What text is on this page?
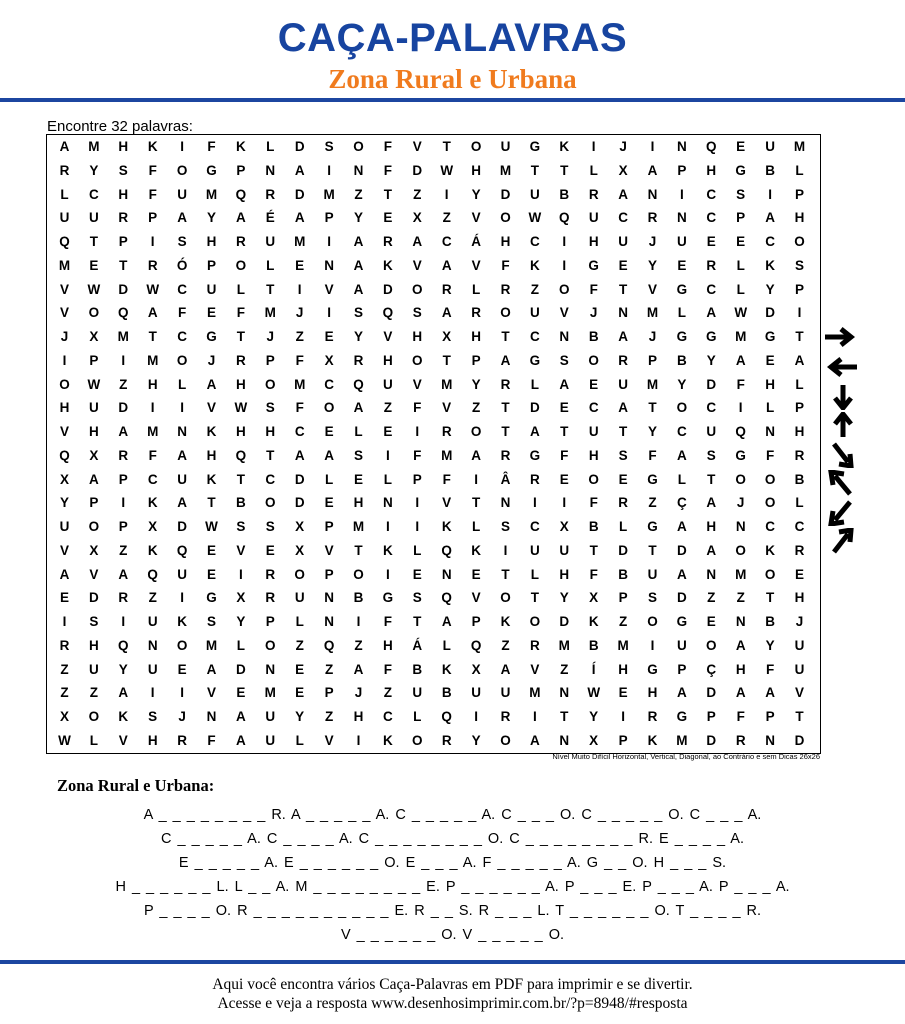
CAÇA-PALAVRAS
Zona Rural e Urbana
Encontre 32 palavras:
A	M	H	K	I	F	K	L	D	S	O	F	V	T	O	U	G	K	I	J	I	N	Q	E	U	M
R	Y	S	F	O	G	P	N	A	I	N	F	D	W	H	M	T	T	L	X	A	P	H	G	B	L
L	C	H	F	U	M	Q	R	D	M	Z	T	Z	I	Y	D	U	B	R	A	N	I	C	S	I	P
U	U	R	P	A	Y	A	É	A	P	Y	E	X	Z	V	O	W	Q	U	C	R	N	C	P	A	H
Q	T	P	I	S	H	R	U	M	I	A	R	A	C	Á	H	C	I	H	U	J	U	E	E	C	O
M	E	T	R	Ó	P	O	L	E	N	A	K	V	A	V	F	K	I	G	E	Y	E	R	L	K	S
V	W	D	W	C	U	L	T	I	V	A	D	O	R	L	R	Z	O	F	T	V	G	C	L	Y	P
V	O	Q	A	F	E	F	M	J	I	S	Q	S	A	R	O	U	V	J	N	M	L	A	W	D	I
J	X	M	T	C	G	T	J	Z	E	Y	V	H	X	H	T	C	N	B	A	J	G	G	M	G	T
I	P	I	M	O	J	R	P	F	X	R	H	O	T	P	A	G	S	O	R	P	B	Y	A	E	A
O	W	Z	H	L	A	H	O	M	C	Q	U	V	M	Y	R	L	A	E	U	M	Y	D	F	H	L
H	U	D	I	I	V	W	S	F	O	A	Z	F	V	Z	T	D	E	C	A	T	O	C	I	L	P
V	H	A	M	N	K	H	H	C	E	L	E	I	R	O	T	A	T	U	T	Y	C	U	Q	N	H
Q	X	R	F	A	H	Q	T	A	A	S	I	F	M	A	R	G	F	H	S	F	A	S	G	F	R
X	A	P	C	U	K	T	C	D	L	E	L	P	F	I	Â	R	E	O	E	G	L	T	O	O	B
Y	P	I	K	A	T	B	O	D	E	H	N	I	V	T	N	I	I	F	R	Z	Ç	A	J	O	L
U	O	P	X	D	W	S	S	X	P	M	I	I	K	L	S	C	X	B	L	G	A	H	N	C	C
V	X	Z	K	Q	E	V	E	X	V	T	K	L	Q	K	I	U	U	T	D	T	D	A	O	K	R
A	V	A	Q	U	E	I	R	O	P	O	I	E	N	E	T	L	H	F	B	U	A	N	M	O	E
E	D	R	Z	I	G	X	R	U	N	B	G	S	Q	V	O	T	Y	X	P	S	D	Z	Z	T	H
I	S	I	U	K	S	Y	P	L	N	I	F	T	A	P	K	O	D	K	Z	O	G	E	N	B	J
R	H	Q	N	O	M	L	O	Z	Q	Z	H	Á	L	Q	Z	R	M	B	M	I	U	O	A	Y	U
Z	U	Y	U	E	A	D	N	E	Z	A	F	B	K	X	A	V	Z	Í	H	G	P	Ç	H	F	U
Z	Z	A	I	I	V	E	M	E	P	J	Z	U	B	U	U	M	N	W	E	H	A	D	A	A	V
X	O	K	S	J	N	A	U	Y	Z	H	C	L	Q	I	R	I	T	Y	I	R	G	P	F	P	T
W	L	V	H	R	F	A	U	L	V	I	K	O	R	Y	O	A	N	X	P	K	M	D	R	N	D
Nível Muito Difícil Horizontal, Vertical, Diagonal, ao Contrário e sem Dicas 26x26
Zona Rural e Urbana:
A _ _ _ _ _ _ _ _ R. A _ _ _ _ _ A. C _ _ _ _ _ A. C _ _ _ O. C _ _ _ _ _ O. C _ _ _ A.
C _ _ _ _ _ A. C _ _ _ _ A. C _ _ _ _ _ _ _ _ O. C _ _ _ _ _ _ _ _ R. E _ _ _ _ A.
E _ _ _ _ _ A. E _ _ _ _ _ _ O. E _ _ _ A. F _ _ _ _ _ A. G _ _ O. H _ _ _ S.
H _ _ _ _ _ _ L. L _ _ A. M _ _ _ _ _ _ _ _ E. P _ _ _ _ _ _ A. P _ _ _ E. P _ _ _ A. P _ _ _ A.
P _ _ _ _ O. R _ _ _ _ _ _ _ _ _ _ E. R _ _ S. R _ _ _ L. T _ _ _ _ _ _ O. T _ _ _ _ R.
V _ _ _ _ _ _ O. V _ _ _ _ _ O.
Aqui você encontra vários Caça-Palavras em PDF para imprimir e se divertir.
Acesse e veja a resposta www.desenhosimprimir.com.br/?p=8948/#resposta
